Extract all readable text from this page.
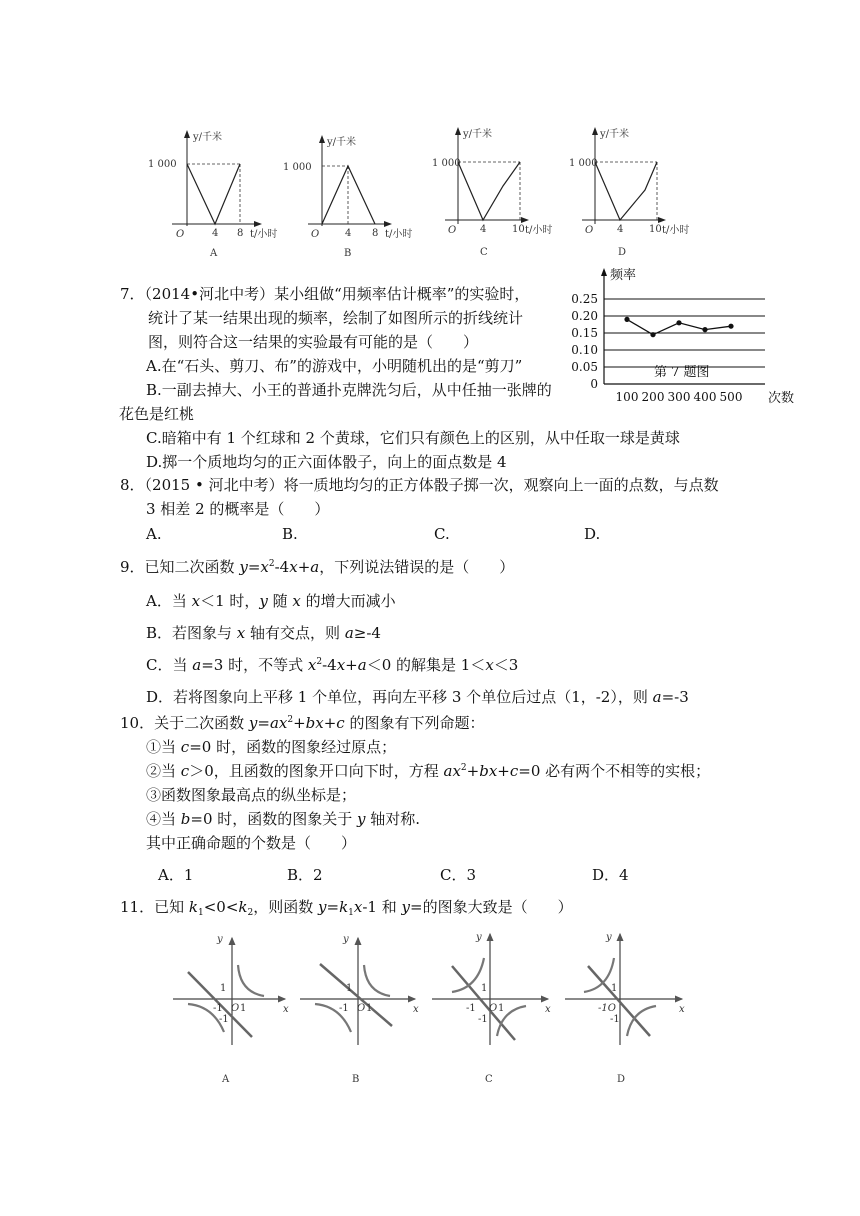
y/千米
1 000
O	4 8 t/小时
A
y/千米
1 000
O	4 8 t/小时
B
y/千米
1 000
O 4	10 t/小时
C
y/千米
1 000
O 4	10 t/小时
D
7．（2014•河北中考）某小组做“用频率估计概率”的实验时，
统计了某一结果出现的频率，绘制了如图所示的折线统计
图，则符合这一结果的实验最有可能的是（　　）
A.在“石头、剪刀、布”的游戏中，小明随机出的是“剪刀”
B.一副去掉大、小王的普通扑克牌洗匀后，从中任抽一张牌的
花色是红桃
C.暗箱中有 1 个红球和 2 个黄球，它们只有颜色上的区别，从中任取一球是黄球
D.掷一个质地均匀的正六面体骰子，向上的面点数是 4
0
0.05
0.10
0.15
0.20
0.25
100 200 300 400 500
频率
次数
第 7 题图
8．（2015 • 河北中考）将一质地均匀的正方体骰子掷一次，观察向上一面的点数，与点数
3 相差 2 的概率是（　　）
A.	B.	C.	D.
9．已知二次函数 $y=x^2-4x+a$，下列说法错误的是（　　）
A．当 x＜1 时，y 随 x 的增大而减小
B．若图象与 x 轴有交点，则 a≥-4
C．当 a=3 时，不等式 $x^2-4x+a<0$ 的解集是 1＜x＜3
D．若将图象向上平移 1 个单位，再向左平移 3 个单位后过点（1，-2），则 a=-3
10．关于二次函数 $y=ax^2+bx+c$ 的图象有下列命题：
①当 c=0 时，函数的图象经过原点；
②当 c＞0，且函数的图象开口向下时，方程 $ax^2+bx+c=0$ 必有两个不相等的实根；
③函数图象最高点的纵坐标是；
④当 b=0 时，函数的图象关于 y 轴对称.
其中正确命题的个数是（　　）
A．1	B．2	C．3	D．4
11．已知 $k_1<0<k_2$，则函数 $y=k_1x-1$ 和 y=的图象大致是（　　）
y
x
1
-1 O 1
-1
A
y
x
1
-1 O 1
B
y
x
1
-1 O 1
-1
C
y
x
1
-1O
-1
D
